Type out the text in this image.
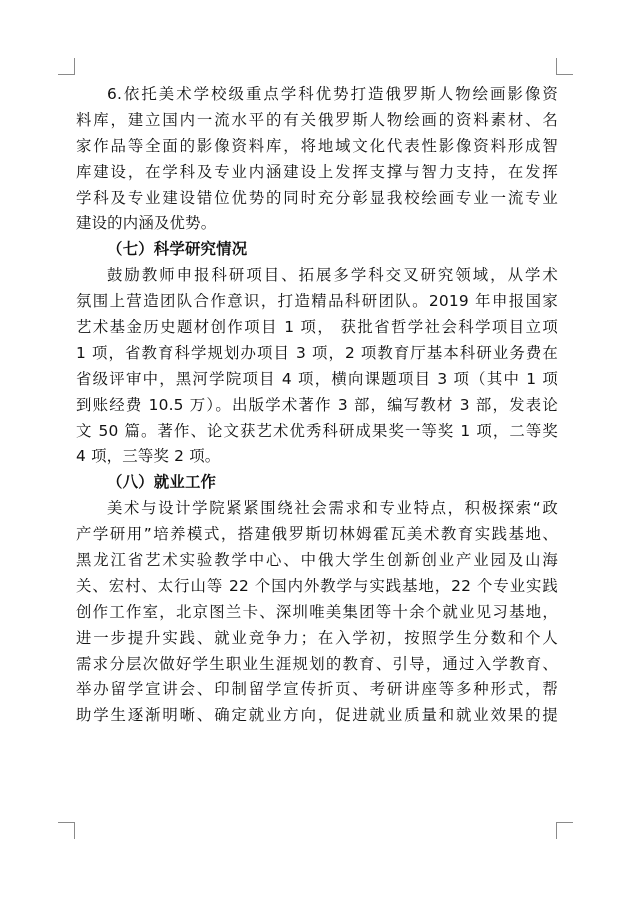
6.依托美术学校级重点学科优势打造俄罗斯人物绘画影像资
料库，建立国内一流水平的有关俄罗斯人物绘画的资料素材、名
家作品等全面的影像资料库，将地域文化代表性影像资料形成智
库建设，在学科及专业内涵建设上发挥支撑与智力支持，在发挥
学科及专业建设错位优势的同时充分彰显我校绘画专业一流专业
建设的内涵及优势。
（七）科学研究情况
鼓励教师申报科研项目、拓展多学科交叉研究领域，从学术
氛围上营造团队合作意识，打造精品科研团队。2019 年申报国家
艺术基金历史题材创作项目 1 项， 获批省哲学社会科学项目立项
1 项，省教育科学规划办项目 3 项，2 项教育厅基本科研业务费在
省级评审中，黑河学院项目 4 项，横向课题项目 3 项（其中 1 项
到账经费 10.5 万）。出版学术著作 3 部，编写教材 3 部，发表论
文 50 篇。著作、论文获艺术优秀科研成果奖一等奖 1 项，二等奖
4 项，三等奖 2 项。
（八）就业工作
美术与设计学院紧紧围绕社会需求和专业特点，积极探索“政
产学研用”培养模式，搭建俄罗斯切林姆霍瓦美术教育实践基地、
黑龙江省艺术实验教学中心、中俄大学生创新创业产业园及山海
关、宏村、太行山等 22 个国内外教学与实践基地，22 个专业实践
创作工作室，北京图兰卡、深圳唯美集团等十余个就业见习基地，
进一步提升实践、就业竞争力；在入学初，按照学生分数和个人
需求分层次做好学生职业生涯规划的教育、引导，通过入学教育、
举办留学宣讲会、印制留学宣传折页、考研讲座等多种形式，帮
助学生逐渐明晰、确定就业方向，促进就业质量和就业效果的提
